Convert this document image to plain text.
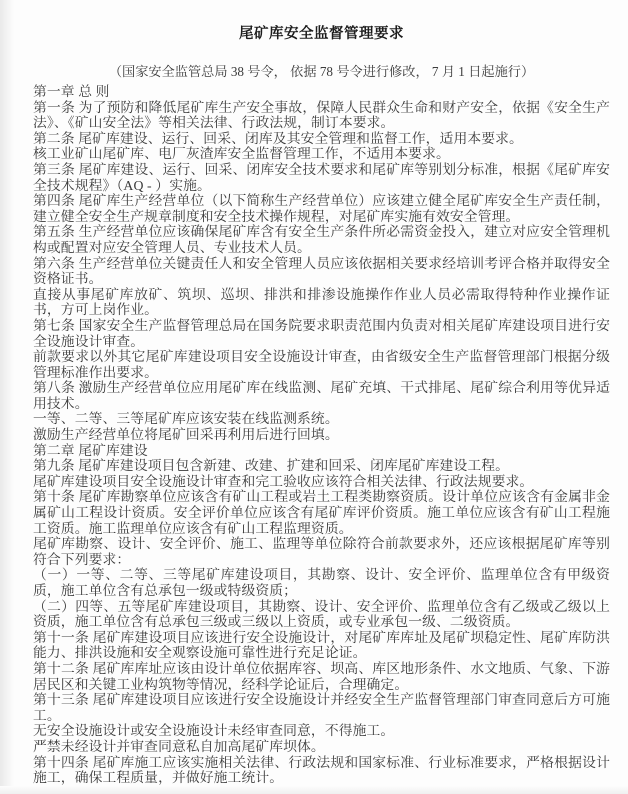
尾矿库安全监督管理要求
（国家安全监管总局 38 号令， 依据 78 号令进行修改， 7 月 1 日起施行）

第一章 总 则

第一条 为了预防和降低尾矿库生产安全事故，保障人民群众生命和财产安全，依据《安全生产法》、《矿山安全法》等相关法律、行政法规，制订本要求。

第二条 尾矿库建设、运行、回采、闭库及其安全管理和监督工作，适用本要求。

核工业矿山尾矿库、电厂灰渣库安全监督管理工作，不适用本要求。

第三条 尾矿库建设、运行、回采、闭库安全技术要求和尾矿库等别划分标准，根据《尾矿库安全技术规程》（AQ - ）实施。

第四条 尾矿库生产经营单位（以下简称生产经营单位）应该建立健全尾矿库安全生产责任制，建立健全安全生产规章制度和安全技术操作规程，对尾矿库实施有效安全管理。

第五条 生产经营单位应该确保尾矿库含有安全生产条件所必需资金投入，建立对应安全管理机构或配置对应安全管理人员、专业技术人员。

第六条 生产经营单位关键责任人和安全管理人员应该依据相关要求经培训考评合格并取得安全资格证书。

直接从事尾矿库放矿、筑坝、巡坝、排洪和排渗设施操作作业人员必需取得特种作业操作证书，方可上岗作业。

第七条 国家安全生产监督管理总局在国务院要求职责范围内负责对相关尾矿库建设项目进行安全设施设计审查。

前款要求以外其它尾矿库建设项目安全设施设计审查，由省级安全生产监督管理部门根据分级管理标准作出要求。

第八条 激励生产经营单位应用尾矿库在线监测、尾矿充填、干式排尾、尾矿综合利用等优异适用技术。

一等、二等、三等尾矿库应该安装在线监测系统。

激励生产经营单位将尾矿回采再利用后进行回填。

第二章 尾矿库建设

第九条 尾矿库建设项目包含新建、改建、扩建和回采、闭库尾矿库建设工程。

尾矿库建设项目安全设施设计审查和完工验收应该符合相关法律、行政法规要求。

第十条 尾矿库勘察单位应该含有矿山工程或岩土工程类勘察资质。设计单位应该含有金属非金属矿山工程设计资质。安全评价单位应该含有尾矿库评价资质。施工单位应该含有矿山工程施工资质。施工监理单位应该含有矿山工程监理资质。

尾矿库勘察、设计、安全评价、施工、监理等单位除符合前款要求外，还应该根据尾矿库等别符合下列要求：

（一）一等、二等、三等尾矿库建设项目，其勘察、设计、安全评价、监理单位含有甲级资质，施工单位含有总承包一级或特级资质；

（二）四等、五等尾矿库建设项目，其勘察、设计、安全评价、监理单位含有乙级或乙级以上资质，施工单位含有总承包三级或三级以上资质，或专业承包一级、二级资质。

第十一条 尾矿库建设项目应该进行安全设施设计，对尾矿库库址及尾矿坝稳定性、尾矿库防洪能力、排洪设施和安全观察设施可靠性进行充足论证。

第十二条 尾矿库库址应该由设计单位依据库容、坝高、库区地形条件、水文地质、气象、下游居民区和关键工业构筑物等情况，经科学论证后，合理确定。

第十三条 尾矿库建设项目应该进行安全设施设计并经安全生产监督管理部门审查同意后方可施工。

无安全设施设计或安全设施设计未经审查同意，不得施工。

严禁未经设计并审查同意私自加高尾矿库坝体。

第十四条 尾矿库施工应该实施相关法律、行政法规和国家标准、行业标准要求，严格根据设计施工，确保工程质量，并做好施工统计。
